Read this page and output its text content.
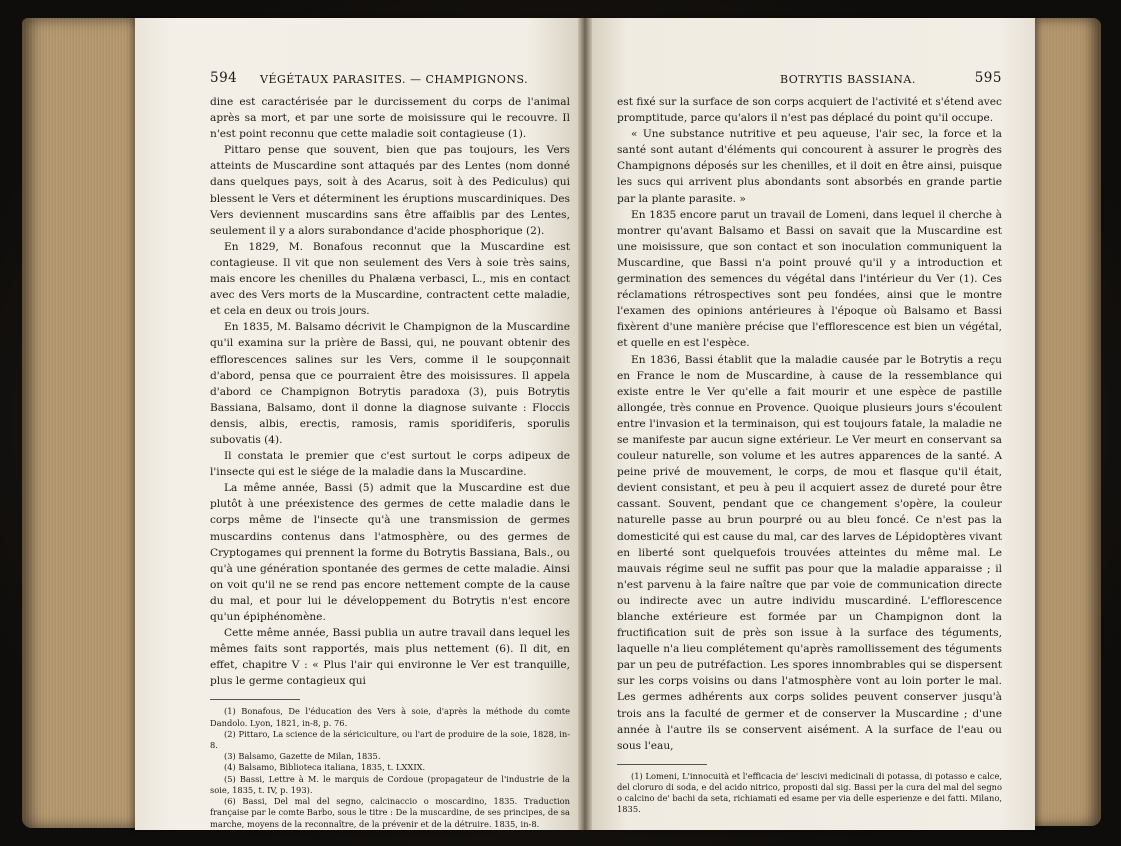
594 VÉGÉTAUX PARASITES. — CHAMPIGNONS.

dine est caractérisée par le durcissement du corps de l'animal après sa mort, et par une sorte de moisissure qui le recouvre. Il n'est point reconnu que cette maladie soit contagieuse (1).

Pittaro pense que souvent, bien que pas toujours, les Vers atteints de Muscardine sont attaqués par des Lentes (nom donné dans quelques pays, soit à des Acarus, soit à des Pediculus) qui blessent le Vers et déterminent les éruptions muscardiniques. Des Vers deviennent muscardins sans être affaiblis par des Lentes, seulement il y a alors surabondance d'acide phosphorique (2).

En 1829, M. Bonafous reconnut que la Muscardine est contagieuse. Il vit que non seulement des Vers à soie très sains, mais encore les chenilles du Phalæna verbasci, L., mis en contact avec des Vers morts de la Muscardine, contractent cette maladie, et cela en deux ou trois jours.

En 1835, M. Balsamo décrivit le Champignon de la Muscardine qu'il examina sur la prière de Bassi, qui, ne pouvant obtenir des efflorescences salines sur les Vers, comme il le soupçonnait d'abord, pensa que ce pourraient être des moisissures. Il appela d'abord ce Champignon Botrytis paradoxa (3), puis Botrytis Bassiana, Balsamo, dont il donne la diagnose suivante : Floccis densis, albis, erectis, ramosis, ramis sporidiferis, sporulis subovatis (4).

Il constata le premier que c'est surtout le corps adipeux de l'insecte qui est le siége de la maladie dans la Muscardine.

La même année, Bassi (5) admit que la Muscardine est due plutôt à une préexistence des germes de cette maladie dans le corps même de l'insecte qu'à une transmission de germes muscardins contenus dans l'atmosphère, ou des germes de Cryptogames qui prennent la forme du Botrytis Bassiana, Bals., ou qu'à une génération spontanée des germes de cette maladie. Ainsi on voit qu'il ne se rend pas encore nettement compte de la cause du mal, et pour lui le développement du Botrytis n'est encore qu'un épiphénomène.

Cette même année, Bassi publia un autre travail dans lequel les mêmes faits sont rapportés, mais plus nettement (6). Il dit, en effet, chapitre V : « Plus l'air qui environne le Ver est tranquille, plus le germe contagieux qui

(1) Bonafous, De l'éducation des Vers à soie, d'après la méthode du comte Dandolo. Lyon, 1821, in-8, p. 76.

(2) Pittaro, La science de la sériciculture, ou l'art de produire de la soie, 1828, in-8.

(3) Balsamo, Gazette de Milan, 1835.

(4) Balsamo, Biblioteca italiana, 1835, t. LXXIX.

(5) Bassi, Lettre à M. le marquis de Cordoue (propagateur de l'industrie de la soie, 1835, t. IV, p. 193).

(6) Bassi, Del mal del segno, calcinaccio o moscardino, 1835. Traduction française par le comte Barbo, sous le titre : De la muscardine, de ses principes, de sa marche, moyens de la reconnaître, de la prévenir et de la détruire. 1835, in-8.

BOTRYTIS BASSIANA.	595

est fixé sur la surface de son corps acquiert de l'activité et s'étend avec promptitude, parce qu'alors il n'est pas déplacé du point qu'il occupe.

« Une substance nutritive et peu aqueuse, l'air sec, la force et la santé sont autant d'éléments qui concourent à assurer le progrès des Champignons déposés sur les chenilles, et il doit en être ainsi, puisque les sucs qui arrivent plus abondants sont absorbés en grande partie par la plante parasite. »

En 1835 encore parut un travail de Lomeni, dans lequel il cherche à montrer qu'avant Balsamo et Bassi on savait que la Muscardine est une moisissure, que son contact et son inoculation communiquent la Muscardine, que Bassi n'a point prouvé qu'il y a introduction et germination des semences du végétal dans l'intérieur du Ver (1). Ces réclamations rétrospectives sont peu fondées, ainsi que le montre l'examen des opinions antérieures à l'époque où Balsamo et Bassi fixèrent d'une manière précise que l'efflorescence est bien un végétal, et quelle en est l'espèce.

En 1836, Bassi établit que la maladie causée par le Botrytis a reçu en France le nom de Muscardine, à cause de la ressemblance qui existe entre le Ver qu'elle a fait mourir et une espèce de pastille allongée, très connue en Provence. Quoique plusieurs jours s'écoulent entre l'invasion et la terminaison, qui est toujours fatale, la maladie ne se manifeste par aucun signe extérieur. Le Ver meurt en conservant sa couleur naturelle, son volume et les autres apparences de la santé. A peine privé de mouvement, le corps, de mou et flasque qu'il était, devient consistant, et peu à peu il acquiert assez de dureté pour être cassant. Souvent, pendant que ce changement s'opère, la couleur naturelle passe au brun pourpré ou au bleu foncé. Ce n'est pas la domesticité qui est cause du mal, car des larves de Lépidoptères vivant en liberté sont quelquefois trouvées atteintes du même mal. Le mauvais régime seul ne suffit pas pour que la maladie apparaisse ; il n'est parvenu à la faire naître que par voie de communication directe ou indirecte avec un autre individu muscardiné. L'efflorescence blanche extérieure est formée par un Champignon dont la fructification suit de près son issue à la surface des téguments, laquelle n'a lieu complétement qu'après ramollissement des téguments par un peu de putréfaction. Les spores innombrables qui se dispersent sur les corps voisins ou dans l'atmosphère vont au loin porter le mal. Les germes adhérents aux corps solides peuvent conserver jusqu'à trois ans la faculté de germer et de conserver la Muscardine ; d'une année à l'autre ils se conservent aisément. A la surface de l'eau ou sous l'eau,

(1) Lomeni, L'innocuità et l'efficacia de' lescivi medicinali di potassa, di potasso e calce, del cloruro di soda, e del acido nitrico, proposti dal sig. Bassi per la cura del mal del segno o calcino de' bachi da seta, richiamati ed esame per via delle esperienze e dei fatti. Milano, 1835.
